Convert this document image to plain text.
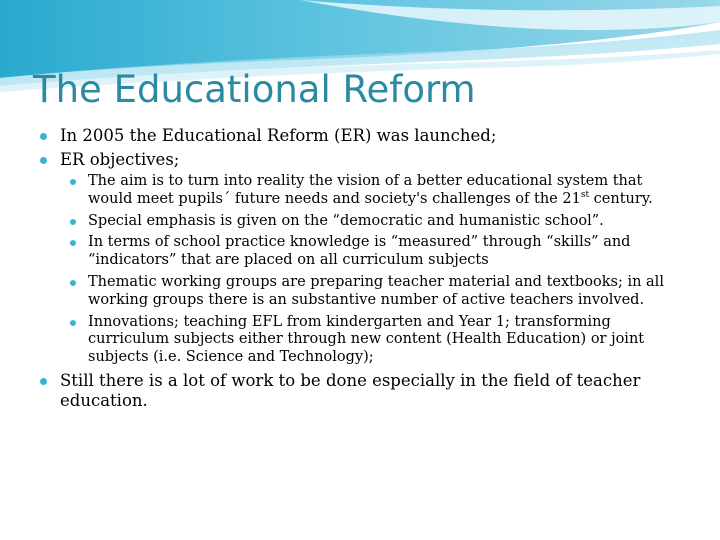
The Educational Reform
In 2005 the Educational Reform (ER) was launched;
ER objectives;
The aim is to turn into reality the vision of a better educational system that would meet pupils´ future needs and society's challenges of the 21st century.
Special emphasis is given on the “democratic and humanistic school”.
In terms of school practice knowledge is “measured” through “skills” and “indicators” that are placed on all curriculum subjects
Thematic working groups are preparing teacher material and textbooks; in all working groups there is an substantive number of active teachers involved.
Innovations; teaching EFL from kindergarten and Year 1; transforming curriculum subjects either through new content (Health Education) or joint subjects (i.e. Science and Technology);
Still there is a lot of work to be done especially in the field of teacher education.
